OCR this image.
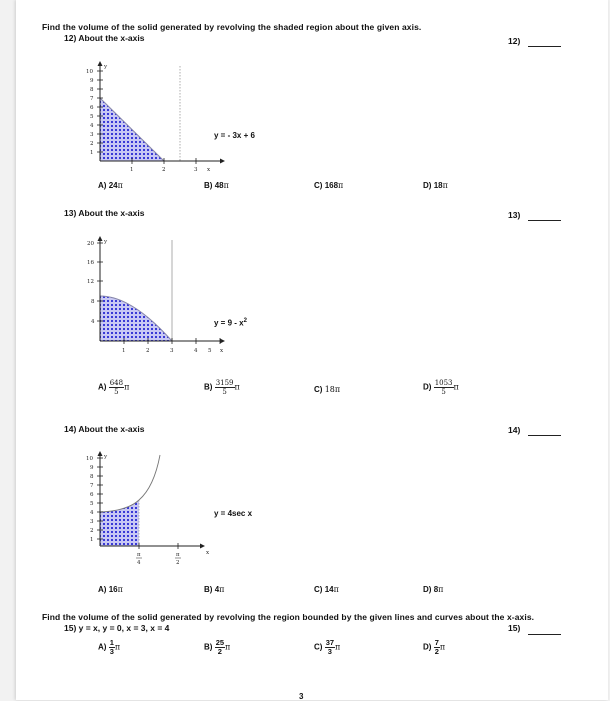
Find the volume of the solid generated by revolving the shaded region about the given axis.
12) About the x-axis	12)
10
9
8
7
6
5
4
3
2
1
y
1	2	3 x
y = - 3x + 6
A) 24π	B) 48π	C) 168π	D) 18π
13) About the x-axis	13)
20
16
12
8
4
y
1	2	3	4 5 x
$y = 9 - x^2$
$A) \frac{648}{5}$ π	$B) \frac{3159}{5}$ π	C) 18π	$D) \frac{1053}{5}$ π
14) About the x-axis	14)
10
9
8
7
6
5
4
3
2
1
y
π
4
π
2
x
y = 4sec x
A) 16π	B) 4π	C) 14π	D) 8π
Find the volume of the solid generated by revolving the region bounded by the given lines and curves about the x-axis.
15) y = x, y = 0, x = 3, x = 4	15)
$A) \frac{1}{3}$ π	$B) \frac{25}{2}$ π	$C) \frac{37}{3}$ π	$D) \frac{7}{2}$ π
3
